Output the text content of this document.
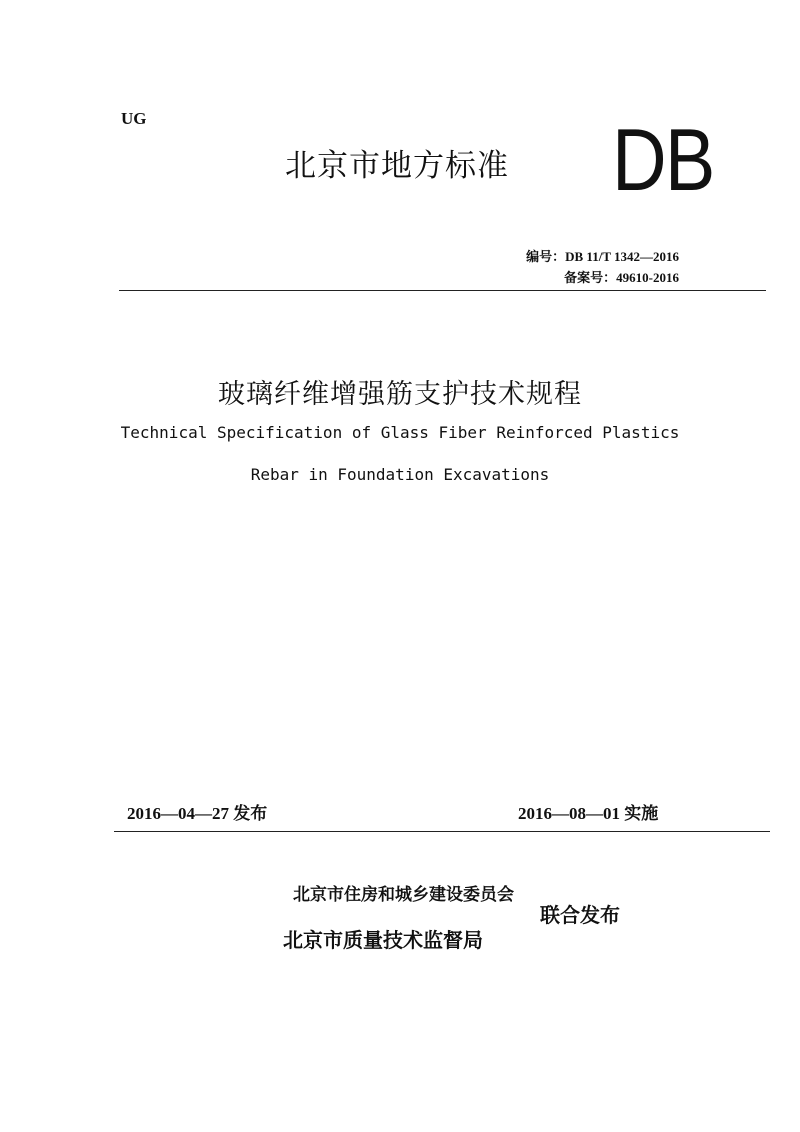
UG
北京市地方标准 DB
编号：DB 11/T 1342—2016
备案号：49610-2016
玻璃纤维增强筋支护技术规程
Technical Specification of Glass Fiber Reinforced Plastics
Rebar in Foundation Excavations
2016—04—27 发布	2016—08—01 实施
北京市住房和城乡建设委员会
北京市质量技术监督局
联合发布
